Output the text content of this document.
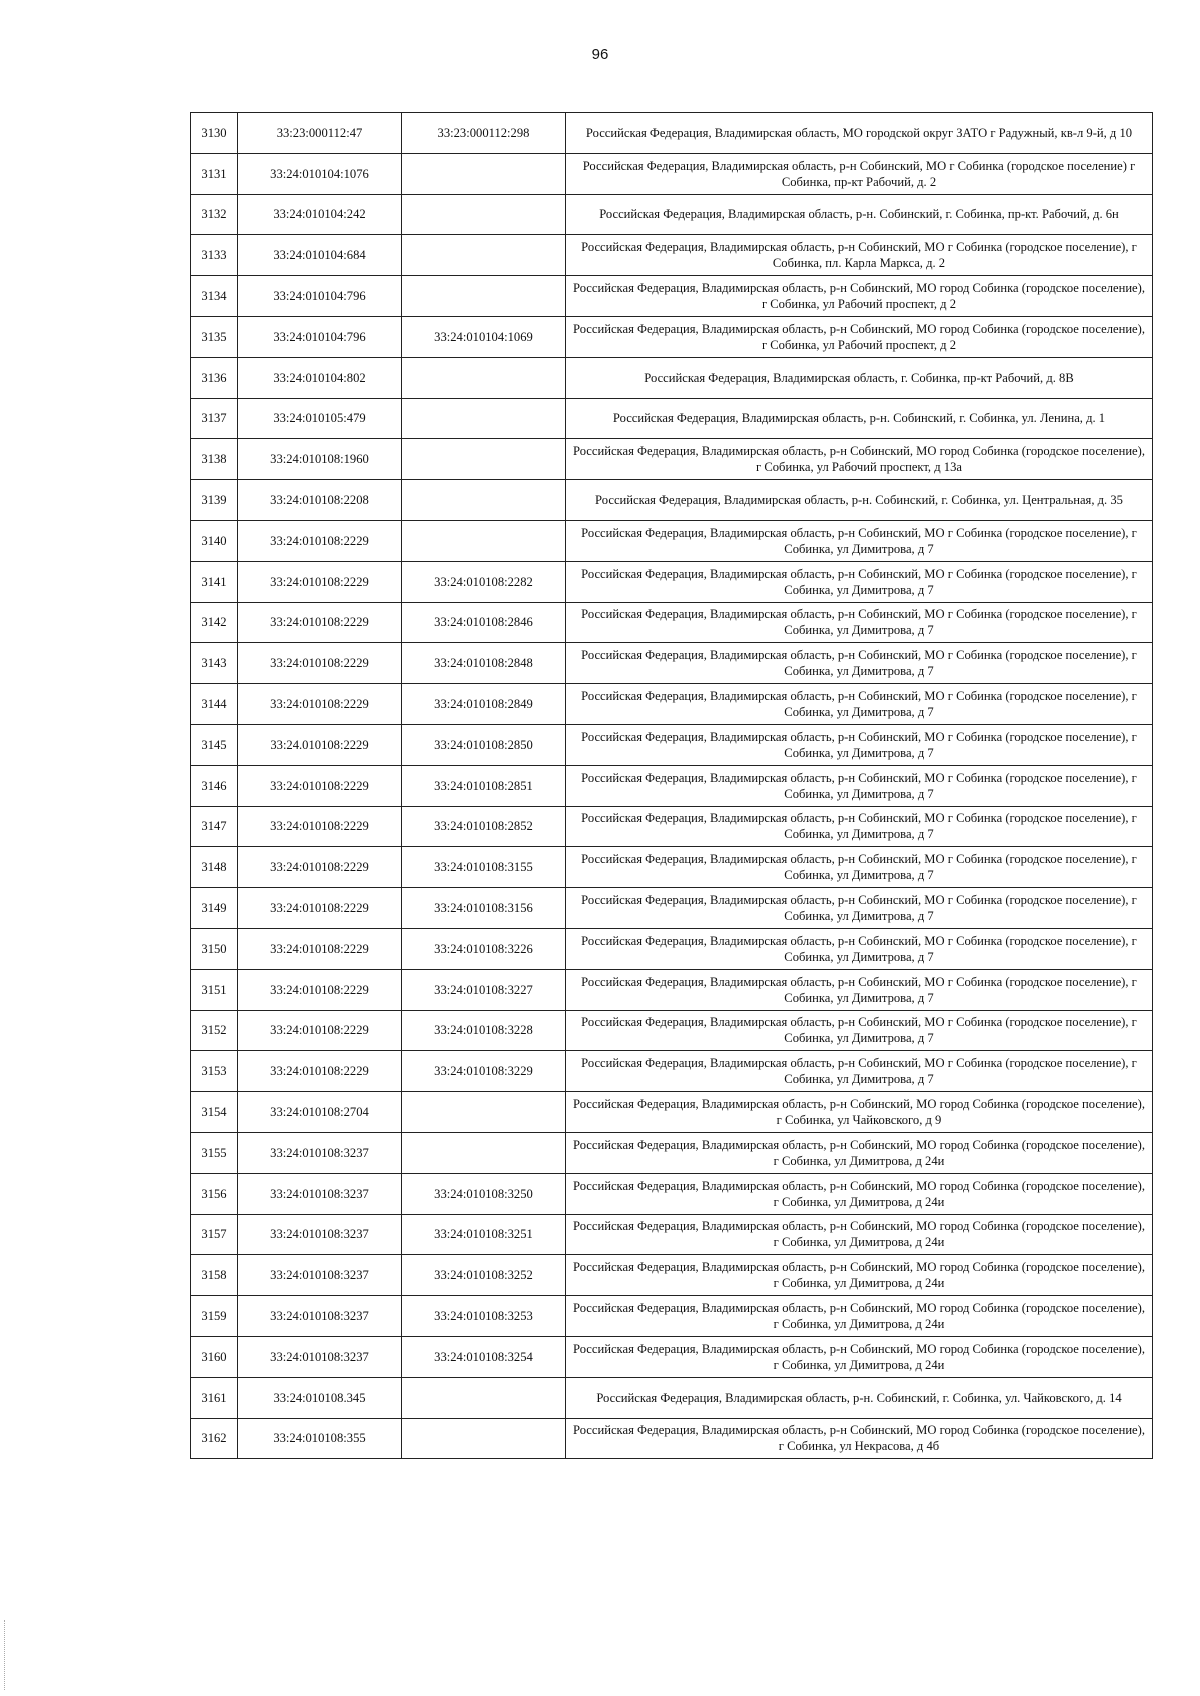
96
3130	33:23:000112:47	33:23:000112:298	Российская Федерация, Владимирская область, МО городской округ ЗАТО г Радужный, кв-л 9-й, д 10
3131	33:24:010104:1076		Российская Федерация, Владимирская область, р-н Собинский, МО г Собинка (городское поселение) г Собинка, пр-кт Рабочий, д. 2
3132	33:24:010104:242		Российская Федерация, Владимирская область, р-н. Собинский, г. Собинка, пр-кт. Рабочий, д. 6н
3133	33:24:010104:684		Российская Федерация, Владимирская область, р-н Собинский, МО г Собинка (городское поселение), г Собинка, пл. Карла Маркса, д. 2
3134	33:24:010104:796		Российская Федерация, Владимирская область, р-н Собинский, МО город Собинка (городское поселение), г Собинка, ул Рабочий проспект, д 2
3135	33:24:010104:796	33:24:010104:1069	Российская Федерация, Владимирская область, р-н Собинский, МО город Собинка (городское поселение), г Собинка, ул Рабочий проспект, д 2
3136	33:24:010104:802		Российская Федерация, Владимирская область, г. Собинка, пр-кт Рабочий, д. 8В
3137	33:24:010105:479		Российская Федерация, Владимирская область, р-н. Собинский, г. Собинка, ул. Ленина, д. 1
3138	33:24:010108:1960		Российская Федерация, Владимирская область, р-н Собинский, МО город Собинка (городское поселение), г Собинка, ул Рабочий проспект, д 13а
3139	33:24:010108:2208		Российская Федерация, Владимирская область, р-н. Собинский, г. Собинка, ул. Центральная, д. 35
3140	33:24:010108:2229		Российская Федерация, Владимирская область, р-н Собинский, МО г Собинка (городское поселение), г Собинка, ул Димитрова, д 7
3141	33:24:010108:2229	33:24:010108:2282	Российская Федерация, Владимирская область, р-н Собинский, МО г Собинка (городское поселение), г Собинка, ул Димитрова, д 7
3142	33:24:010108:2229	33:24:010108:2846	Российская Федерация, Владимирская область, р-н Собинский, МО г Собинка (городское поселение), г Собинка, ул Димитрова, д 7
3143	33:24:010108:2229	33:24:010108:2848	Российская Федерация, Владимирская область, р-н Собинский, МО г Собинка (городское поселение), г Собинка, ул Димитрова, д 7
3144	33:24:010108:2229	33:24:010108:2849	Российская Федерация, Владимирская область, р-н Собинский, МО г Собинка (городское поселение), г Собинка, ул Димитрова, д 7
3145	33:24.010108:2229	33:24:010108:2850	Российская Федерация, Владимирская область, р-н Собинский, МО г Собинка (городское поселение), г Собинка, ул Димитрова, д 7
3146	33:24:010108:2229	33:24:010108:2851	Российская Федерация, Владимирская область, р-н Собинский, МО г Собинка (городское поселение), г Собинка, ул Димитрова, д 7
3147	33:24:010108:2229	33:24:010108:2852	Российская Федерация, Владимирская область, р-н Собинский, МО г Собинка (городское поселение), г Собинка, ул Димитрова, д 7
3148	33:24:010108:2229	33:24:010108:3155	Российская Федерация, Владимирская область, р-н Собинский, МО г Собинка (городское поселение), г Собинка, ул Димитрова, д 7
3149	33:24:010108:2229	33:24:010108:3156	Российская Федерация, Владимирская область, р-н Собинский, МО г Собинка (городское поселение), г Собинка, ул Димитрова, д 7
3150	33:24:010108:2229	33:24:010108:3226	Российская Федерация, Владимирская область, р-н Собинский, МО г Собинка (городское поселение), г Собинка, ул Димитрова, д 7
3151	33:24:010108:2229	33:24:010108:3227	Российская Федерация, Владимирская область, р-н Собинский, МО г Собинка (городское поселение), г Собинка, ул Димитрова, д 7
3152	33:24:010108:2229	33:24:010108:3228	Российская Федерация, Владимирская область, р-н Собинский, МО г Собинка (городское поселение), г Собинка, ул Димитрова, д 7
3153	33:24:010108:2229	33:24:010108:3229	Российская Федерация, Владимирская область, р-н Собинский, МО г Собинка (городское поселение), г Собинка, ул Димитрова, д 7
3154	33:24:010108:2704		Российская Федерация, Владимирская область, р-н Собинский, МО город Собинка (городское поселение), г Собинка, ул Чайковского, д 9
3155	33:24:010108:3237		Российская Федерация, Владимирская область, р-н Собинский, МО город Собинка (городское поселение), г Собинка, ул Димитрова, д 24и
3156	33:24:010108:3237	33:24:010108:3250	Российская Федерация, Владимирская область, р-н Собинский, МО город Собинка (городское поселение), г Собинка, ул Димитрова, д 24и
3157	33:24:010108:3237	33:24:010108:3251	Российская Федерация, Владимирская область, р-н Собинский, МО город Собинка (городское поселение), г Собинка, ул Димитрова, д 24и
3158	33:24:010108:3237	33:24:010108:3252	Российская Федерация, Владимирская область, р-н Собинский, МО город Собинка (городское поселение), г Собинка, ул Димитрова, д 24и
3159	33:24:010108:3237	33:24:010108:3253	Российская Федерация, Владимирская область, р-н Собинский, МО город Собинка (городское поселение), г Собинка, ул Димитрова, д 24и
3160	33:24:010108:3237	33:24:010108:3254	Российская Федерация, Владимирская область, р-н Собинский, МО город Собинка (городское поселение), г Собинка, ул Димитрова, д 24и
3161	33:24:010108.345		Российская Федерация, Владимирская область, р-н. Собинский, г. Собинка, ул. Чайковского, д. 14
3162	33:24:010108:355		Российская Федерация, Владимирская область, р-н Собинский, МО город Собинка (городское поселение), г Собинка, ул Некрасова, д 4б
